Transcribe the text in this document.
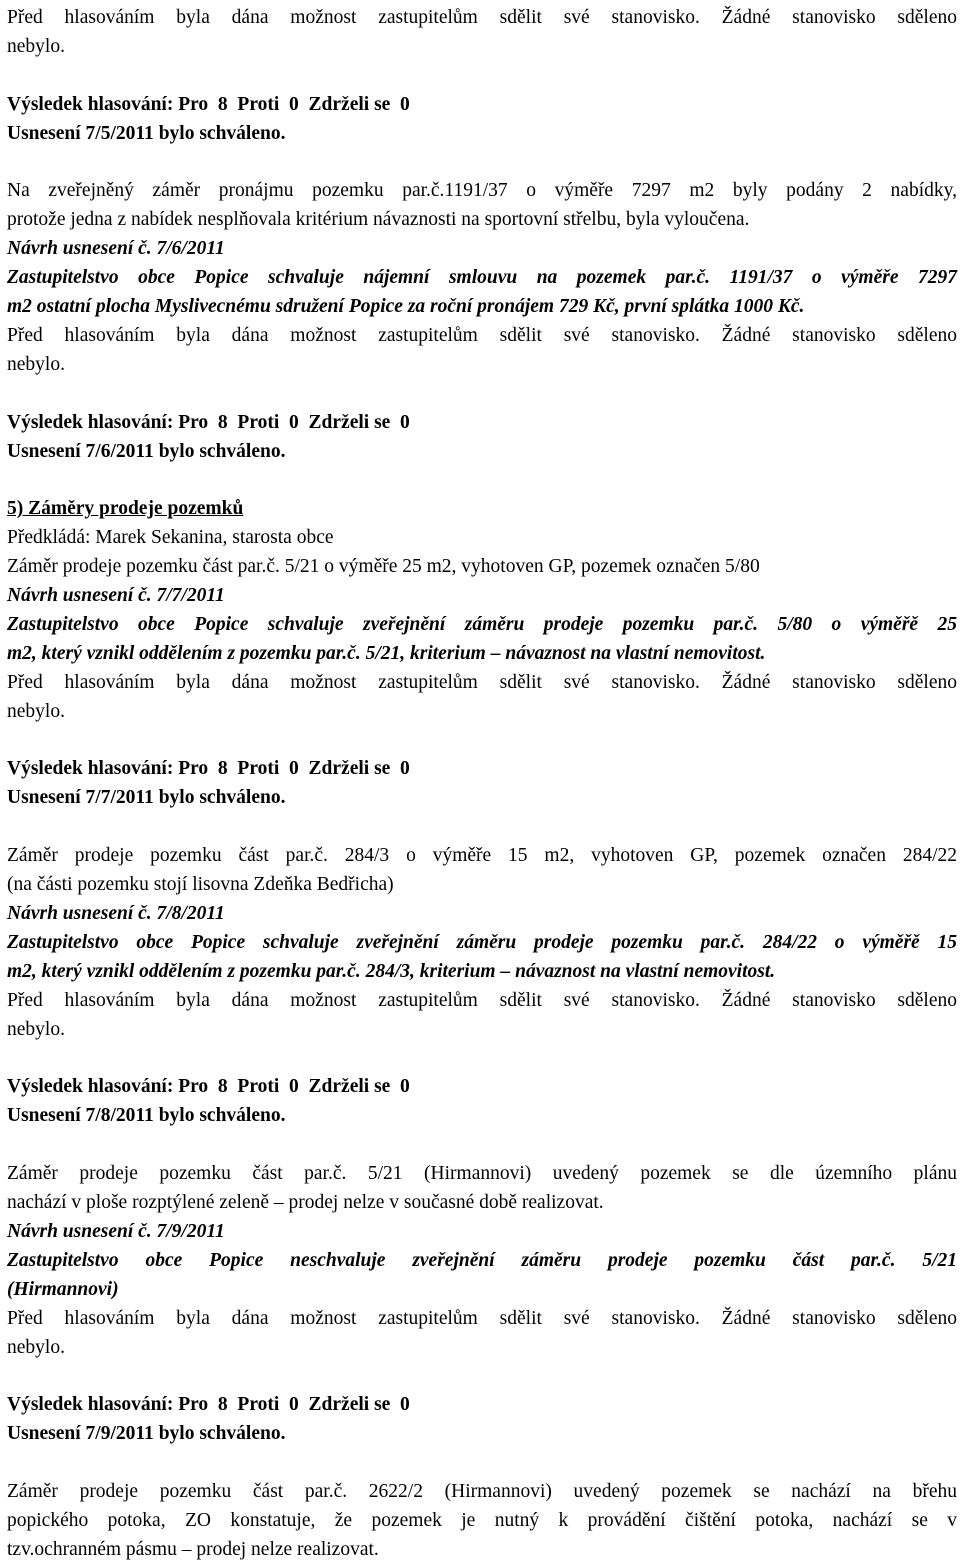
Před hlasováním byla dána možnost zastupitelům sdělit své stanovisko. Žádné stanovisko sděleno
nebylo.
Výsledek hlasování: Pro  8  Proti  0  Zdrželi se  0
Usnesení 7/5/2011 bylo schváleno.
Na zveřejněný záměr pronájmu pozemku par.č.1191/37 o výměře 7297 m2 byly podány 2 nabídky,
protože jedna z nabídek nesplňovala kritérium návaznosti na sportovní střelbu, byla vyloučena.
Návrh usnesení č. 7/6/2011
Zastupitelstvo obce Popice schvaluje nájemní smlouvu na pozemek par.č. 1191/37 o výměře 7297
m2 ostatní plocha Myslivecnému sdružení Popice za roční pronájem 729 Kč, první splátka 1000 Kč.
Před hlasováním byla dána možnost zastupitelům sdělit své stanovisko. Žádné stanovisko sděleno
nebylo.
Výsledek hlasování: Pro  8  Proti  0  Zdrželi se  0
Usnesení 7/6/2011 bylo schváleno.
5) Záměry prodeje pozemků
Předkládá: Marek Sekanina, starosta obce
Záměr prodeje pozemku část par.č. 5/21 o výměře 25 m2, vyhotoven GP, pozemek označen 5/80
Návrh usnesení č. 7/7/2011
Zastupitelstvo obce Popice schvaluje zveřejnění záměru prodeje pozemku par.č. 5/80 o výměřě 25
m2, který vznikl oddělením z pozemku par.č. 5/21, kriterium – návaznost na vlastní nemovitost.
Před hlasováním byla dána možnost zastupitelům sdělit své stanovisko. Žádné stanovisko sděleno
nebylo.
Výsledek hlasování: Pro  8  Proti  0  Zdrželi se  0
Usnesení 7/7/2011 bylo schváleno.
Záměr prodeje pozemku část par.č. 284/3 o výměře 15 m2, vyhotoven GP, pozemek označen 284/22
(na části pozemku stojí lisovna Zdeňka Bedřicha)
Návrh usnesení č. 7/8/2011
Zastupitelstvo obce Popice schvaluje zveřejnění záměru prodeje pozemku par.č. 284/22 o výměřě 15
m2, který vznikl oddělením z pozemku par.č. 284/3, kriterium – návaznost na vlastní nemovitost.
Před hlasováním byla dána možnost zastupitelům sdělit své stanovisko. Žádné stanovisko sděleno
nebylo.
Výsledek hlasování: Pro  8  Proti  0  Zdrželi se  0
Usnesení 7/8/2011 bylo schváleno.
Záměr prodeje pozemku část par.č. 5/21 (Hirmannovi) uvedený pozemek se dle územního plánu
nachází v ploše rozptýlené zeleně – prodej nelze v současné době realizovat.
Návrh usnesení č. 7/9/2011
Zastupitelstvo obce Popice neschvaluje zveřejnění záměru prodeje pozemku část par.č. 5/21
(Hirmannovi)
Před hlasováním byla dána možnost zastupitelům sdělit své stanovisko. Žádné stanovisko sděleno
nebylo.
Výsledek hlasování: Pro  8  Proti  0  Zdrželi se  0
Usnesení 7/9/2011 bylo schváleno.
Záměr prodeje pozemku část par.č. 2622/2 (Hirmannovi) uvedený pozemek se nachází na břehu
popického potoka, ZO konstatuje, že pozemek je nutný k provádění čištění potoka, nachází se v
tzv.ochranném pásmu – prodej nelze realizovat.
